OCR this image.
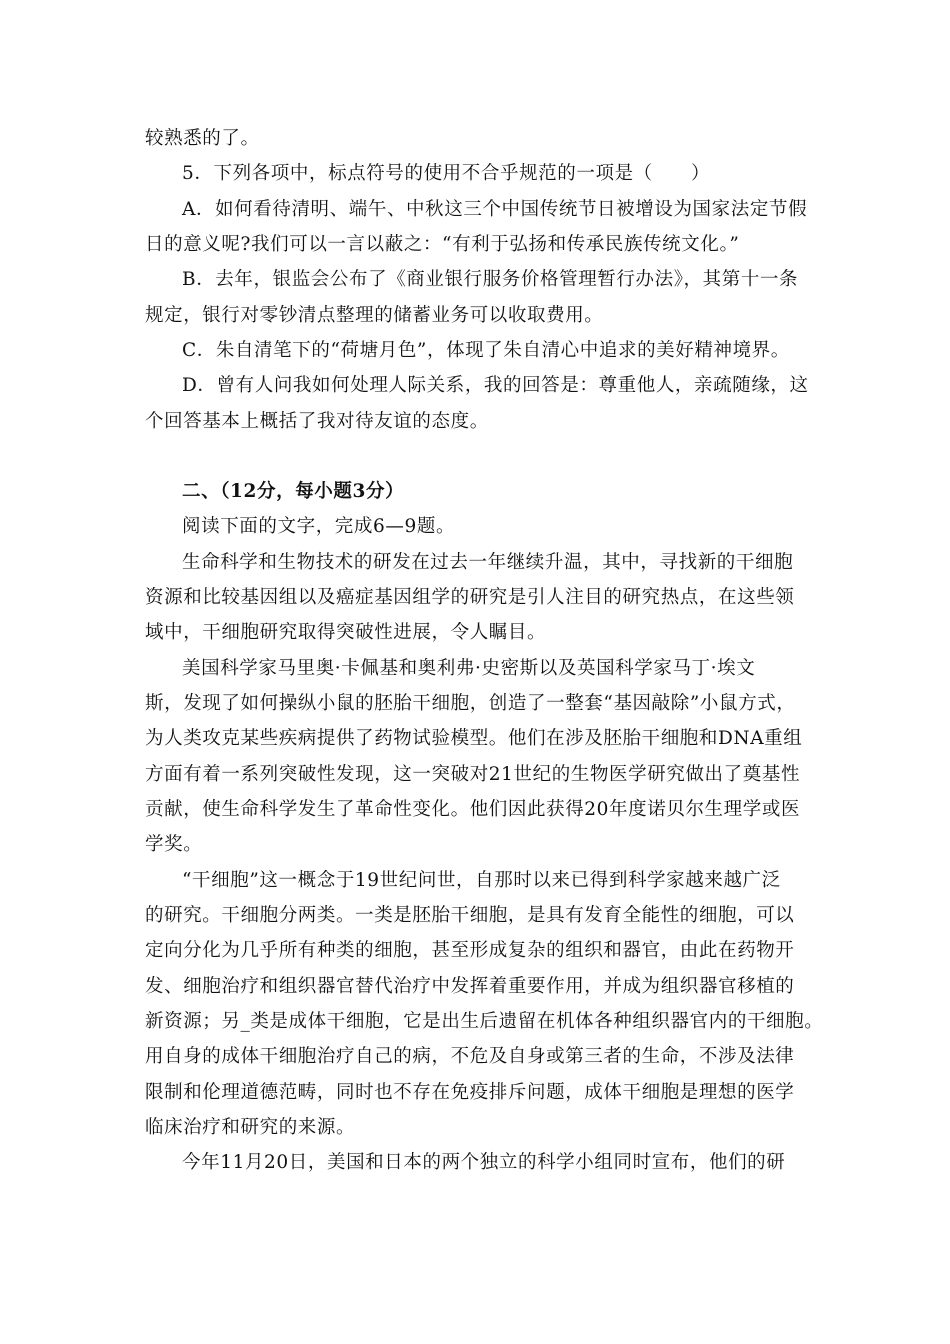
较熟悉的了。
5．下列各项中，标点符号的使用不合乎规范的一项是（　　）
A．如何看待清明、端午、中秋这三个中国传统节日被增设为国家法定节假
日的意义呢?我们可以一言以蔽之：“有利于弘扬和传承民族传统文化。”
B．去年，银监会公布了《商业银行服务价格管理暂行办法》，其第十一条
规定，银行对零钞清点整理的储蓄业务可以收取费用。
C．朱自清笔下的“荷塘月色”，体现了朱自清心中追求的美好精神境界。
D．曾有人问我如何处理人际关系，我的回答是：尊重他人，亲疏随缘，这
个回答基本上概括了我对待友谊的态度。
二、（12分，每小题3分）
阅读下面的文字，完成6—9题。
生命科学和生物技术的研发在过去一年继续升温，其中，寻找新的干细胞
资源和比较基因组以及癌症基因组学的研究是引人注目的研究热点，在这些领
域中，干细胞研究取得突破性进展，令人瞩目。
美国科学家马里奥·卡佩基和奥利弗·史密斯以及英国科学家马丁·埃文
斯，发现了如何操纵小鼠的胚胎干细胞，创造了一整套“基因敲除”小鼠方式，
为人类攻克某些疾病提供了药物试验模型。他们在涉及胚胎干细胞和DNA重组
方面有着一系列突破性发现，这一突破对21世纪的生物医学研究做出了奠基性
贡献，使生命科学发生了革命性变化。他们因此获得20年度诺贝尔生理学或医
学奖。
“干细胞”这一概念于19世纪问世，自那时以来已得到科学家越来越广泛
的研究。干细胞分两类。一类是胚胎干细胞，是具有发育全能性的细胞，可以
定向分化为几乎所有种类的细胞，甚至形成复杂的组织和器官，由此在药物开
发、细胞治疗和组织器官替代治疗中发挥着重要作用，并成为组织器官移植的
新资源；另_类是成体干细胞，它是出生后遗留在机体各种组织器官内的干细胞。
用自身的成体干细胞治疗自己的病，不危及自身或第三者的生命，不涉及法律
限制和伦理道德范畴，同时也不存在免疫排斥问题，成体干细胞是理想的医学
临床治疗和研究的来源。
今年11月20日，美国和日本的两个独立的科学小组同时宣布，他们的研
